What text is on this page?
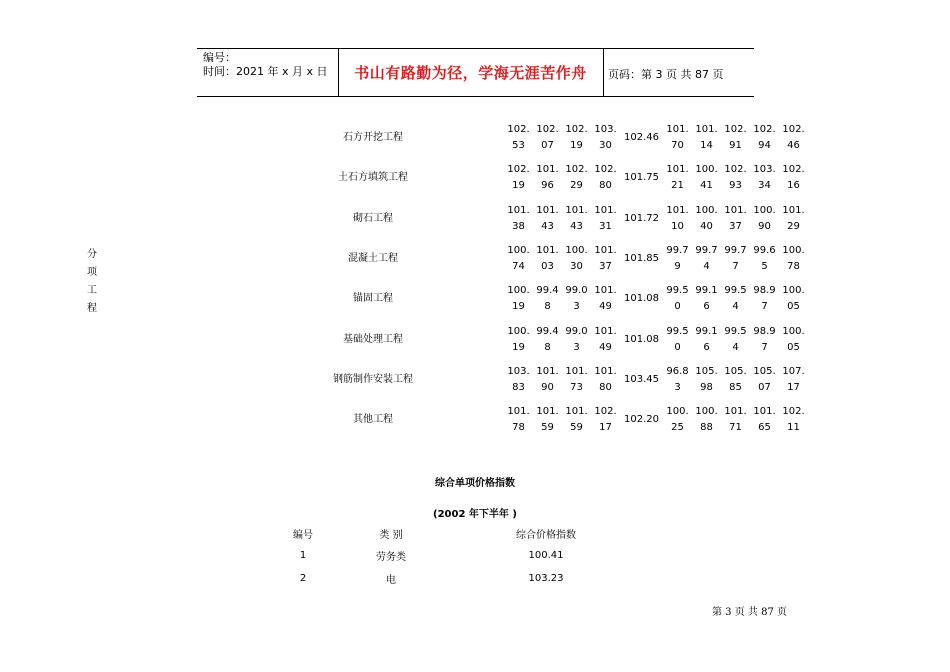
编号：
时间：2021 年 x 月 x 日	书山有路勤为径，学海无涯苦作舟	页码：第 3 页 共 87 页
分
项
工
程
石方开挖工程	102.53	102.07	102.19	103.30	102.46	101.70	101.14	102.91	102.94	102.46
土石方填筑工程	102.19	101.96	102.29	102.80	101.75	101.21	100.41	102.93	103.34	102.16
砌石工程	101.38	101.43	101.43	101.31	101.72	101.10	100.40	101.37	100.90	101.29
混凝土工程	100.74	101.03	100.30	101.37	101.85	99.79	99.74	99.77	99.65	100.78
锚固工程	100.19	99.48	99.03	101.49	101.08	99.50	99.16	99.54	98.97	100.05
基础处理工程	100.19	99.48	99.03	101.49	101.08	99.50	99.16	99.54	98.97	100.05
钢筋制作安装工程	103.83	101.90	101.73	101.80	103.45	96.83	105.98	105.85	105.07	107.17
其他工程	101.78	101.59	101.59	102.17	102.20	100.25	100.88	101.71	101.65	102.11
综合单项价格指数
(2002 年下半年 )
编号	类 别	综合价格指数
1	劳务类	100.41
2	电	103.23
第 3 页 共 87 页
